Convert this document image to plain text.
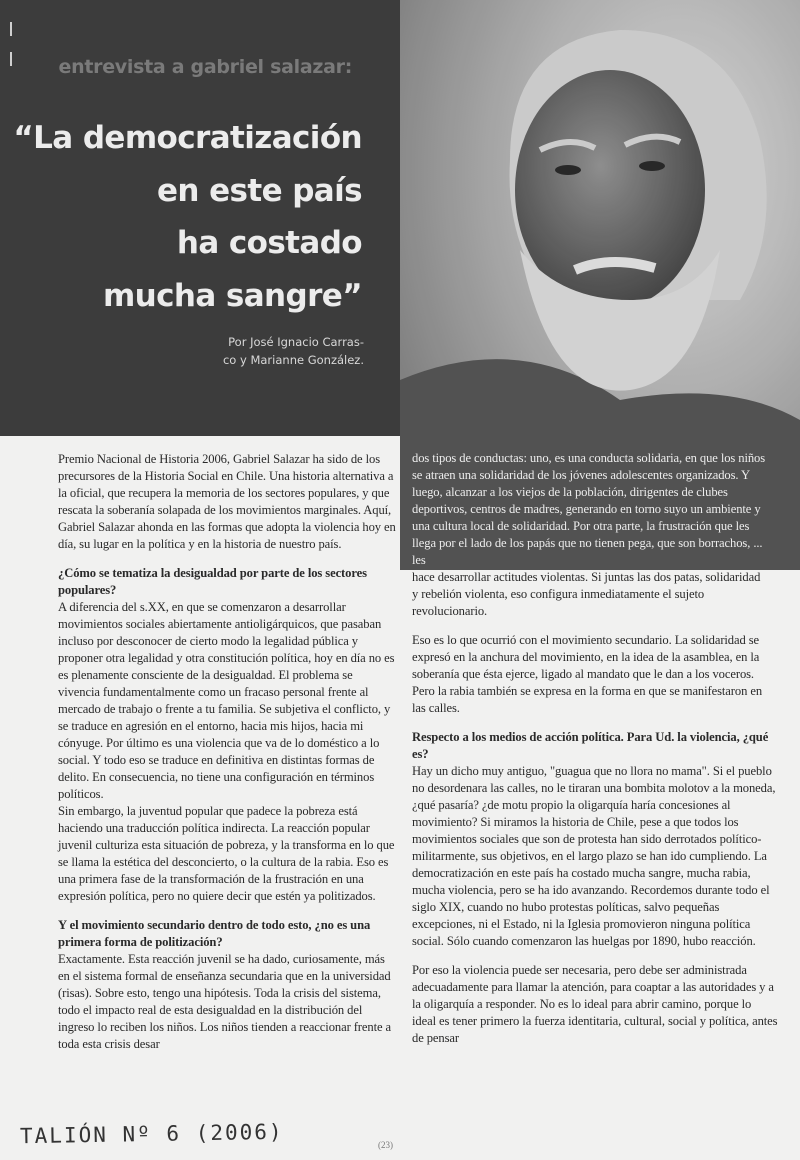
entrevista a gabriel salazar:
“La democratización
en este país
ha costado
mucha sangre”
Por José Ignacio Carras-
co y Marianne González.

Premio Nacional de Historia 2006, Gabriel Salazar ha sido de los precursores de la Historia Social en Chile. Una historia alternativa a la oficial, que recupera la memoria de los sectores populares, y que rescata la soberanía solapada de los movimientos marginales. Aquí, Gabriel Salazar ahonda en las formas que adopta la violencia hoy en día, su lugar en la política y en la historia de nuestro país.

¿Cómo se tematiza la desigualdad por parte de los sectores populares?

A diferencia del s.XX, en que se comenzaron a desarrollar movimientos sociales abiertamente antioligárquicos, que pasaban incluso por desconocer de cierto modo la legalidad pública y proponer otra legalidad y otra constitución política, hoy en día no es es plenamente consciente de la desigualdad. El problema se vivencia fundamentalmente como un fracaso personal frente al mercado de trabajo o frente a tu familia. Se subjetiva el conflicto, y se traduce en agresión en el entorno, hacia mis hijos, hacia mi cónyuge. Por último es una violencia que va de lo doméstico a lo social. Y todo eso se traduce en definitiva en distintas formas de delito. En consecuencia, no tiene una configuración en términos políticos.

Sin embargo, la juventud popular que padece la pobreza está haciendo una traducción política indirecta. La reacción popular juvenil culturiza esta situación de pobreza, y la transforma en lo que se llama la estética del desconcierto, o la cultura de la rabia. Eso es una primera fase de la transformación de la frustración en una expresión política, pero no quiere decir que estén ya politizados.

Y el movimiento secundario dentro de todo esto, ¿no es una primera forma de politización?

Exactamente. Esta reacción juvenil se ha dado, curiosamente, más en el sistema formal de enseñanza secundaria que en la universidad (risas). Sobre esto, tengo una hipótesis. Toda la crisis del sistema, todo el impacto real de esta desigualdad en la distribución del ingreso lo reciben los niños. Los niños tienden a reaccionar frente a toda esta crisis desar

dos tipos de conductas: uno, es una conducta solidaria, en que los niños se atraen una solidaridad de los jóvenes adolescentes organizados. Y luego, alcanzar a los viejos de la población, dirigentes de clubes deportivos, centros de madres, generando en torno suyo un ambiente y una cultura local de solidaridad. Por otra parte, la frustración que les llega por el lado de los papás que no tienen pega, que son borrachos, ... les

hace desarrollar actitudes violentas. Si juntas las dos patas, solidaridad y rebelión violenta, eso configura inmediatamente el sujeto revolucionario.

Eso es lo que ocurrió con el movimiento secundario. La solidaridad se expresó en la anchura del movimiento, en la idea de la asamblea, en la soberanía que ésta ejerce, ligado al mandato que le dan a los voceros. Pero la rabia también se expresa en la forma en que se manifestaron en las calles.

Respecto a los medios de acción política. Para Ud. la violencia, ¿qué es?

Hay un dicho muy antiguo, "guagua que no llora no mama". Si el pueblo no desordenara las calles, no le tiraran una bombita molotov a la moneda, ¿qué pasaría? ¿de motu propio la oligarquía haría concesiones al movimiento? Si miramos la historia de Chile, pese a que todos los movimientos sociales que son de protesta han sido derrotados político-militarmente, sus objetivos, en el largo plazo se han ido cumpliendo. La democratización en este país ha costado mucha sangre, mucha rabia, mucha violencia, pero se ha ido avanzando. Recordemos durante todo el siglo XIX, cuando no hubo protestas políticas, salvo pequeñas excepciones, ni el Estado, ni la Iglesia promovieron ninguna política social. Sólo cuando comenzaron las huelgas por 1890, hubo reacción.

Por eso la violencia puede ser necesaria, pero debe ser administrada adecuadamente para llamar la atención, para coaptar a las autoridades y a la oligarquía a responder. No es lo ideal para abrir camino, porque lo ideal es tener primero la fuerza identitaria, cultural, social y política, antes de pensar

TALIÓN Nº 6 (2006)	(23)
